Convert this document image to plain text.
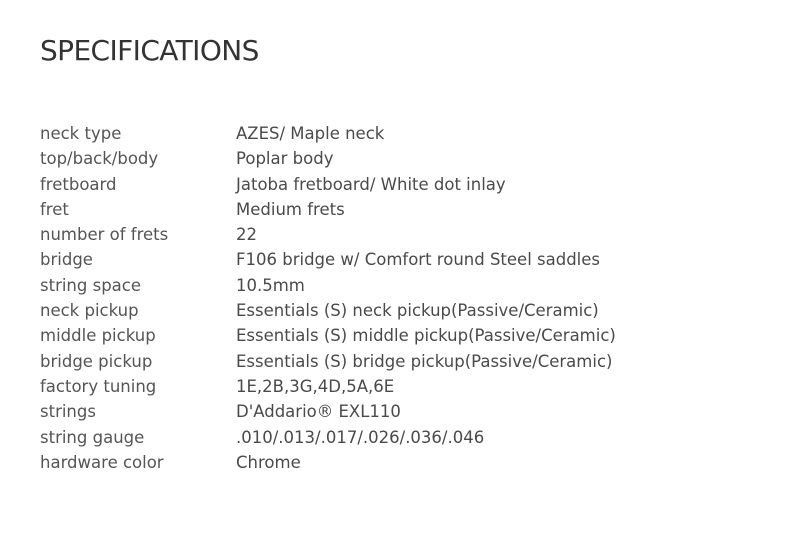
SPECIFICATIONS
neck type	AZES/ Maple neck
top/back/body	Poplar body
fretboard	Jatoba fretboard/ White dot inlay
fret	Medium frets
number of frets	22
bridge	F106 bridge w/ Comfort round Steel saddles
string space	10.5mm
neck pickup	Essentials (S) neck pickup(Passive/Ceramic)
middle pickup	Essentials (S) middle pickup(Passive/Ceramic)
bridge pickup	Essentials (S) bridge pickup(Passive/Ceramic)
factory tuning	1E,2B,3G,4D,5A,6E
strings	D'Addario® EXL110
string gauge	.010/.013/.017/.026/.036/.046
hardware color	Chrome
